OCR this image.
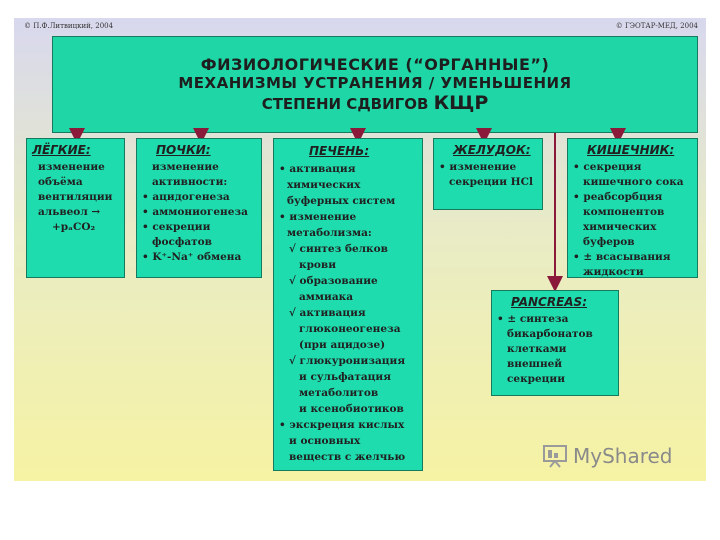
© П.Ф.Литвицкий, 2004	© ГЭОТАР-МЕД, 2004
ФИЗИОЛОГИЧЕСКИЕ (“ОРГАННЫЕ”)
МЕХАНИЗМЫ УСТРАНЕНИЯ / УМЕНЬШЕНИЯ
СТЕПЕНИ СДВИГОВ КЩР
ЛЁГКИЕ:
изменение
объёма
вентиляции
альвеол →
+pₐCO₂
ПОЧКИ:
изменение
активности:
• ацидогенеза
• аммониогенеза
• секреции
фосфатов
• K⁺-Na⁺ обмена
ПЕЧЕНЬ:
• активация
химических
буферных систем
• изменение
метаболизма:
√ синтез белков
крови
√ образование
аммиака
√ активация
глюконеогенеза
(при ацидозе)
√ глюкуронизация
и сульфатация
метаболитов
и ксенобиотиков
• экскреция кислых
и основных
веществ с желчью
ЖЕЛУДОК:
• изменение
секреции HCl
КИШЕЧНИК:
• секреция
кишечного сока
• реабсорбция
компонентов
химических
буферов
• ± всасывания
жидкости
PANCREAS:
• ± синтеза
бикарбонатов
клетками
внешней
секреции
MyShared
